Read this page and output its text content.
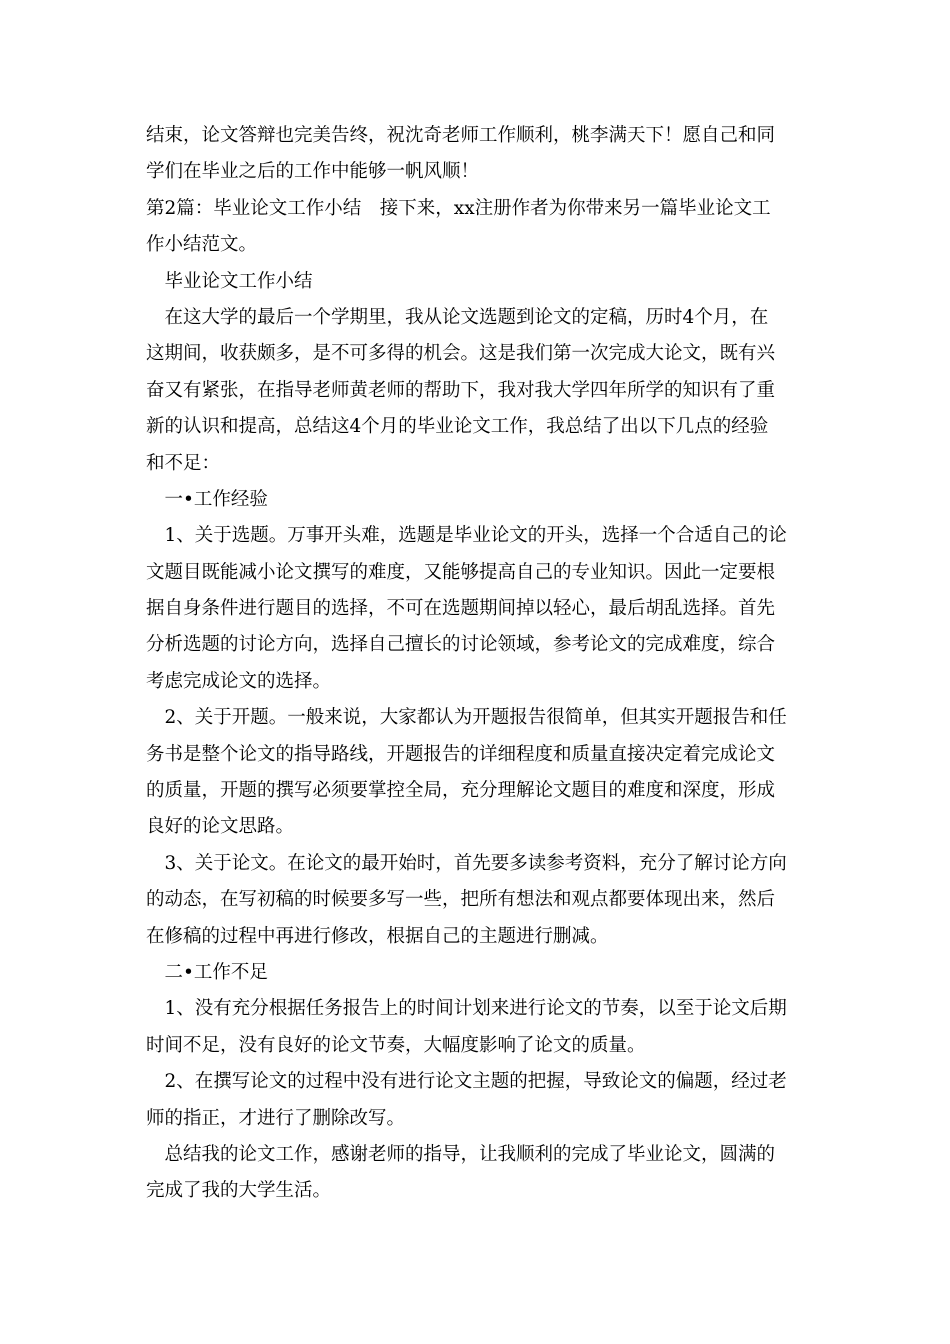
结束，论文答辩也完美告终，祝沈奇老师工作顺利，桃李满天下！愿自己和同
学们在毕业之后的工作中能够一帆风顺！
第2篇：毕业论文工作小结　接下来，xx注册作者为你带来另一篇毕业论文工
作小结范文。
　毕业论文工作小结
　在这大学的最后一个学期里，我从论文选题到论文的定稿，历时4个月，在
这期间，收获颇多，是不可多得的机会。这是我们第一次完成大论文，既有兴
奋又有紧张，在指导老师黄老师的帮助下，我对我大学四年所学的知识有了重
新的认识和提高，总结这4个月的毕业论文工作，我总结了出以下几点的经验
和不足：
　一•工作经验
　1、关于选题。万事开头难，选题是毕业论文的开头，选择一个合适自己的论
文题目既能减小论文撰写的难度，又能够提高自己的专业知识。因此一定要根
据自身条件进行题目的选择，不可在选题期间掉以轻心，最后胡乱选择。首先
分析选题的讨论方向，选择自己擅长的讨论领域，参考论文的完成难度，综合
考虑完成论文的选择。
　2、关于开题。一般来说，大家都认为开题报告很简单，但其实开题报告和任
务书是整个论文的指导路线，开题报告的详细程度和质量直接决定着完成论文
的质量，开题的撰写必须要掌控全局，充分理解论文题目的难度和深度，形成
良好的论文思路。
　3、关于论文。在论文的最开始时，首先要多读参考资料，充分了解讨论方向
的动态，在写初稿的时候要多写一些，把所有想法和观点都要体现出来，然后
在修稿的过程中再进行修改，根据自己的主题进行删减。
　二•工作不足
　1、没有充分根据任务报告上的时间计划来进行论文的节奏，以至于论文后期
时间不足，没有良好的论文节奏，大幅度影响了论文的质量。
　2、在撰写论文的过程中没有进行论文主题的把握，导致论文的偏题，经过老
师的指正，才进行了删除改写。
　总结我的论文工作，感谢老师的指导，让我顺利的完成了毕业论文，圆满的
完成了我的大学生活。
